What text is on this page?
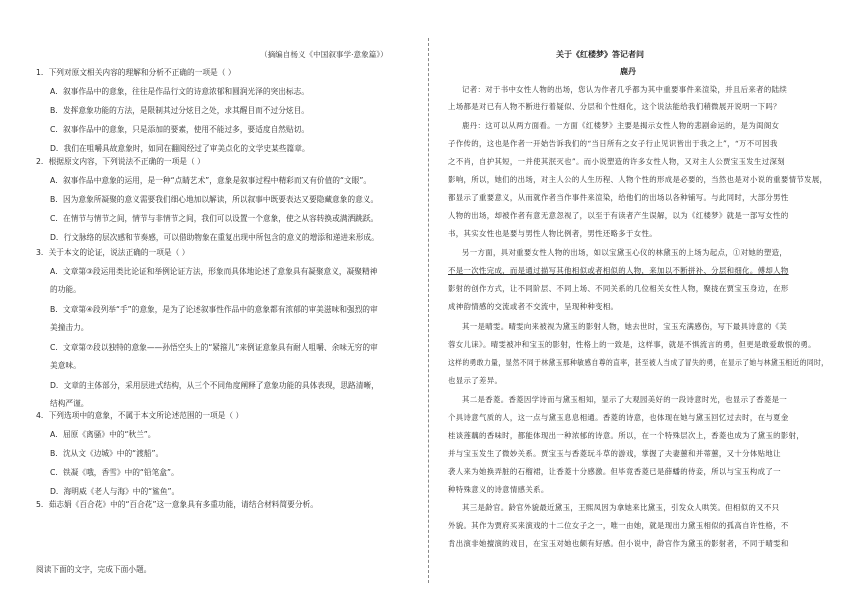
（摘编自杨义《中国叙事学·意象篇》）
1．下列对原文相关内容的理解和分析不正确的一项是（ ）
A．叙事作品中的意象，往往是作品行文的诗意浓郁和圆润光泽的突出标志。
B．发挥意象功能的方法，是限制其过分炫目之处，求其醒目而不过分炫目。
C．叙事作品中的意象，只是添加的要素，使用不能过多，要适度自然贴切。
D．我们在咀嚼具故意象时，如同在翻阅经过了审美点化的文学史某些篇章。
2．根据原文内容，下列说法不正确的一项是（ ）
A．叙事作品中意象的运用，是一种“点睛艺术”，意象是叙事过程中精彩而又有价值的“文眼”。
B．因为意象所凝聚的意义需要我们细心地加以解读，所以叙事中既要表达又要隐藏意象的意义。
C．在情节与情节之间，情节与非情节之间，我们可以设置一个意象，使之从容转换或满洒跳跃。
D．行文脉络的层次感和节奏感，可以借助物象在重复出现中所包含的意义的增添和递进来形成。
3．关于本文的论证，说法正确的一项是（ ）
A．文章第③段运用类比论证和举例论证方法，形象而具体地论述了意象具有凝聚意义，凝聚精神
的功能。
B．文章第④段列举“手”的意象，是为了论述叙事性作品中的意象都有浓郁的审美滋味和强烈的审
美撞击力。
C．文章第⑦段以独特的意象——孙悟空头上的“紧箍儿”来例证意象具有耐人咀嚼、余味无穷的审
美意味。
D．文章的主体部分，采用层进式结构，从三个不同角度阐释了意象功能的具体表现，思路清晰，
结构严谨。
4．下列选项中的意象，不属于本文所论述范围的一项是（ ）
A．屈原《离骚》中的“秋兰”。
B．沈从文《边城》中的“渡船”。
C．铁凝《哦，香雪》中的“铅笔盒”。
D．海明威《老人与海》中的“鲨鱼”。
5．茹志娟《百合花》中的“百合花”这一意象具有多重功能，请结合材料简要分析。
阅读下面的文字，完成下面小题。
关于《红楼梦》答记者问
鹿丹
记者：对于书中女性人物的出场，您认为作者几乎都为其中重要事件来渲染，并且后来者的陆续
上场都是对已有人物不断进行着疑似、分层和个性细化，这个说法能给我们稍微展开说明一下吗？
鹿丹：这可以从两方面看。一方面《红楼梦》主要是揭示女性人物的悲剧命运的，是为闺阁女
子作传的，这也是作者一开始告诉我们的“当日所有之女子行止见识皆出于我之上”，“万不可因我
之不肖，自护其短，一并使其泯灭也”。而小说塑造的许多女性人物，又对主人公贾宝玉发生过深刻
影响，所以，她们的出场，对主人公的人生历程、人物个性的形成是必要的，当然也是对小说的重要情节发展，
都显示了重要意义，从而就作者当作事件来渲染，给他们的出场以各种铺写。与此同时，大部分男性
人物的出场，却被作者有意无意忽视了，以至于有读者产生误解，以为《红楼梦》就是一部写女性的
书，其实女性也是要与男性人物比例者，男性还略多于女性。
另一方面，具对重要女性人物的出场，如以宝黛玉心仪的林黛玉的上场为起点，①对她的塑造，
不是一次性完成，而是通过描写其他相似或者相似的人物，来加以不断拼补、分层和细化。傅却人物
影射的创作方式，让不同阶层、不同上场、不同关系的几位相关女性人物，聚拢在贾宝玉身边，在形
成神韵情感的交流或者不交流中，呈现种种变相。
其一是晴雯。晴雯向来被视为黛玉的影射人物，她去世时，宝玉充满感伤，写下最具诗意的《芙
蓉女儿诔》。晴雯被冲和宝玉的影射，性格上的一致是，这样事，就是不惧流言的勇，但更是敢爱敢恨的勇。
这样的勇敢力量，显然不同于林黛玉那种敏感自尊的直率，甚至被人当成了冒失的勇，在显示了她与林黛玉相近的同时，
也显示了差异。
其二是香菱。香菱因学诗而与黛玉相知，显示了大观园美好的一段诗意时光，也显示了香菱是一
个具诗意气质的人，这一点与黛玉息息相通。香菱的诗意，也体现在她与黛玉回忆过去时，在与夏金
桂谈莲藕的香味时，都能体现出一种浓郁的诗意。所以，在一个特殊层次上，香菱也成为了黛玉的影射，
并与宝玉发生了微妙关系。贾宝玉与香菱玩斗草的游戏，掌握了夫妻蕙和并蒂蕙，又十分体贴地让
袭人来为她换弄脏的石榴裙，让香菱十分感激。但毕竟香菱已是薛蟠的侍妾，所以与宝玉构成了一
种特殊意义的诗意情感关系。
其三是龄官。龄官外貌最近黛玉，王熙凤因为拿她来比黛玉，引发众人哄笑。但相似的又不只
外貌。其作为贾府买来演戏的十二位女子之一，唯一由她，就是现出力黛玉相似的孤高自许性格，不
肯出演非她擅演的戏目，在宝玉对她也颇有好感。但小说中，龄官作为黛玉的影射者，不同于晴雯和
